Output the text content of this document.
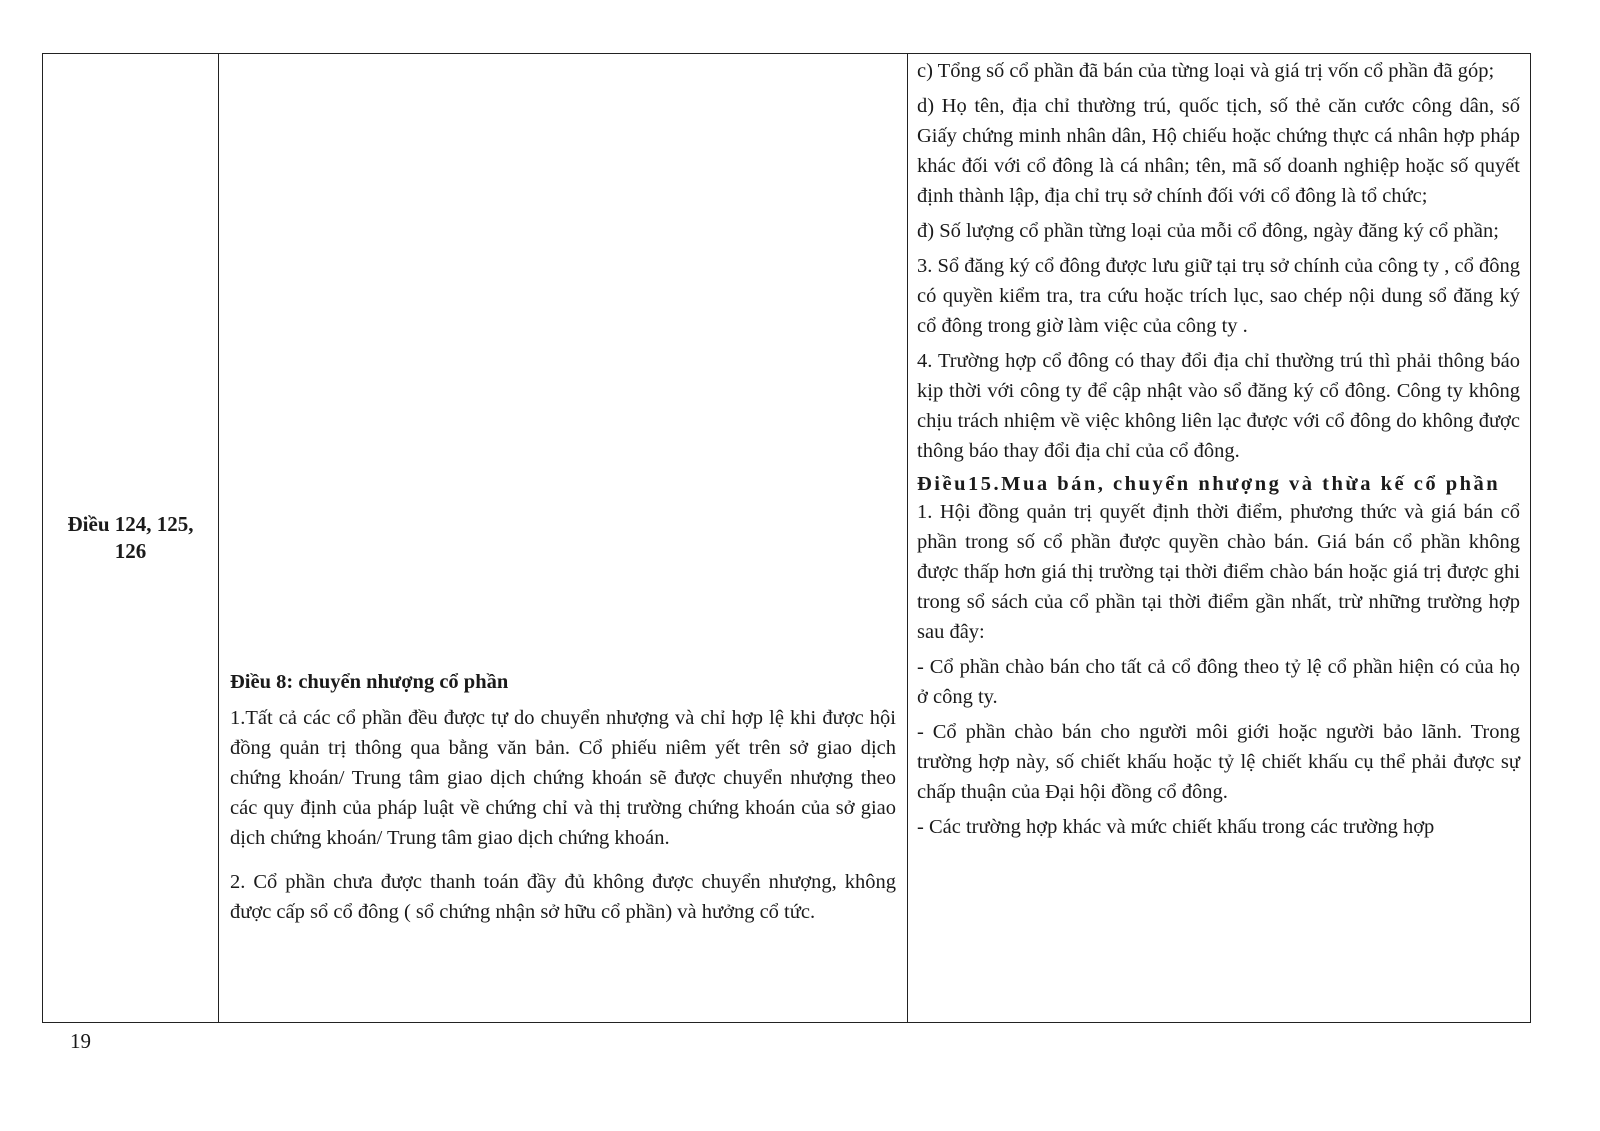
Điều 124, 125, 126

Điều 8: chuyển nhượng cổ phần

1.Tất cả các cổ phần đều được tự do chuyển nhượng và chỉ hợp lệ khi được hội đồng quản trị thông qua bằng văn bản. Cổ phiếu niêm yết trên sở giao dịch chứng khoán/ Trung tâm giao dịch chứng khoán sẽ được chuyển nhượng theo các quy định của pháp luật về chứng chỉ và thị trường chứng khoán của sở giao dịch chứng khoán/ Trung tâm giao dịch chứng khoán.

2. Cổ phần chưa được thanh toán đầy đủ không được chuyển nhượng, không được cấp sổ cổ đông ( sổ chứng nhận sở hữu cổ phần) và hưởng cổ tức.

c) Tổng số cổ phần đã bán của từng loại và giá trị vốn cổ phần đã góp;

d) Họ tên, địa chỉ thường trú, quốc tịch, số thẻ căn cước công dân, số Giấy chứng minh nhân dân, Hộ chiếu hoặc chứng thực cá nhân hợp pháp khác đối với cổ đông là cá nhân; tên, mã số doanh nghiệp hoặc số quyết định thành lập, địa chỉ trụ sở chính đối với cổ đông là tổ chức;

đ) Số lượng cổ phần từng loại của mỗi cổ đông, ngày đăng ký cổ phần;

3. Sổ đăng ký cổ đông được lưu giữ tại trụ sở chính của công ty , cổ đông có quyền kiểm tra, tra cứu hoặc trích lục, sao chép nội dung sổ đăng ký cổ đông trong giờ làm việc của công ty .

4. Trường hợp cổ đông có thay đổi địa chỉ thường trú thì phải thông báo kịp thời với công ty để cập nhật vào sổ đăng ký cổ đông. Công ty không chịu trách nhiệm về việc không liên lạc được với cổ đông do không được thông báo thay đổi địa chỉ của cổ đông.

Điều15.Mua bán, chuyển nhượng và thừa kế cổ phần

1. Hội đồng quản trị quyết định thời điểm, phương thức và giá bán cổ phần trong số cổ phần được quyền chào bán. Giá bán cổ phần không được thấp hơn giá thị trường tại thời điểm chào bán hoặc giá trị được ghi trong sổ sách của cổ phần tại thời điểm gần nhất, trừ những trường hợp sau đây:

- Cổ phần chào bán cho tất cả cổ đông theo tỷ lệ cổ phần hiện có của họ ở công ty.

- Cổ phần chào bán cho người môi giới hoặc người bảo lãnh. Trong trường hợp này, số chiết khấu hoặc tỷ lệ chiết khấu cụ thể phải được sự chấp thuận của Đại hội đồng cổ đông.

- Các trường hợp khác và mức chiết khấu trong các trường hợp

19
